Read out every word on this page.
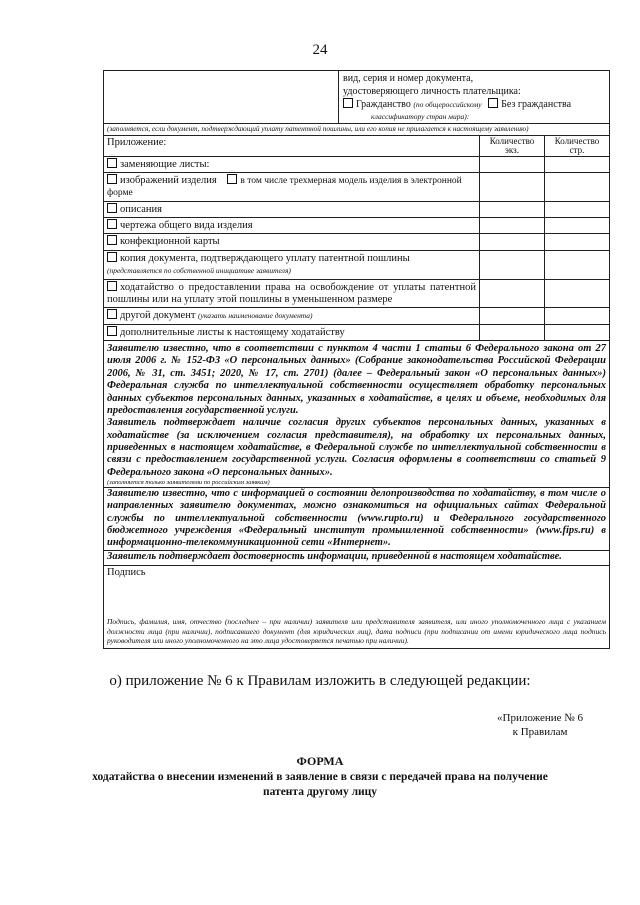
24
вид, серия и номер документа,
удостоверяющего личность плательщика:
Гражданство (по общероссийскому Без гражданства
классификатору стран мира):		

(заполняется, если документ, подтверждающий уплату патентной пошлины, или его копия не прилагается к настоящему заявлению)		
Приложение:	Количество экз.	Количество стр.
заменяющие листы:		
изображений изделия в том числе трехмерная модель изделия в электронной форме		
описания		
чертежа общего вида изделия		
конфекционной карты		
копия документа, подтверждающего уплату патентной пошлины
(представляется по собственной инициативе заявителя)		
ходатайство о предоставлении права на освобождение от уплаты патентной пошлины или на уплату этой пошлины в уменьшенном размере		
другой документ (указать наименование документа)		
дополнительные листы к настоящему ходатайству		

Заявителю известно, что в соответствии с пунктом 4 части 1 статьи 6 Федерального закона от 27 июля 2006 г. № 152-ФЗ «О персональных данных» (Собрание законодательства Российской Федерации 2006, № 31, ст. 3451; 2020, № 17, ст. 2701) (далее – Федеральный закон «О персональных данных») Федеральная служба по интеллектуальной собственности осуществляет обработку персональных данных субъектов персональных данных, указанных в ходатайстве, в целях и объеме, необходимых для предоставления государственной услуги.
Заявитель подтверждает наличие согласия других субъектов персональных данных, указанных в ходатайстве (за исключением согласия представителя), на обработку их персональных данных, приведенных в настоящем ходатайстве, в Федеральной службе по интеллектуальной собственности в связи с предоставлением государственной услуги. Согласия оформлены в соответствии со статьей 9 Федерального закона «О персональных данных».
(заполняется только заявителями по российским заявкам)
Заявителю известно, что с информацией о состоянии делопроизводства по ходатайству, в том числе о направленных заявителю документах, можно ознакомиться на официальных сайтах Федеральной службы по интеллектуальной собственности (www.rupto.ru) и Федерального государственного бюджетного учреждения «Федеральный институт промышленной собственности» (www.fips.ru) в информационно-телекоммуникационной сети «Интернет».
Заявитель подтверждает достоверность информации, приведенной в настоящем ходатайстве.		

Подпись
Подпись, фамилия, имя, отчество (последнее – при наличии) заявителя или представителя заявителя, или иного уполномоченного лица с указанием должности лица (при наличии), подписавшего документ (для юридических лиц), дата подписи (при подписании от имени юридического лица подпись руководителя или иного уполномоченного на это лица удостоверяется печатью при наличии).		
о) приложение № 6 к Правилам изложить в следующей редакции:
«Приложение № 6
к Правилам
ФОРМА
ходатайства о внесении изменений в заявление в связи с передачей права на получение патента другому лицу
